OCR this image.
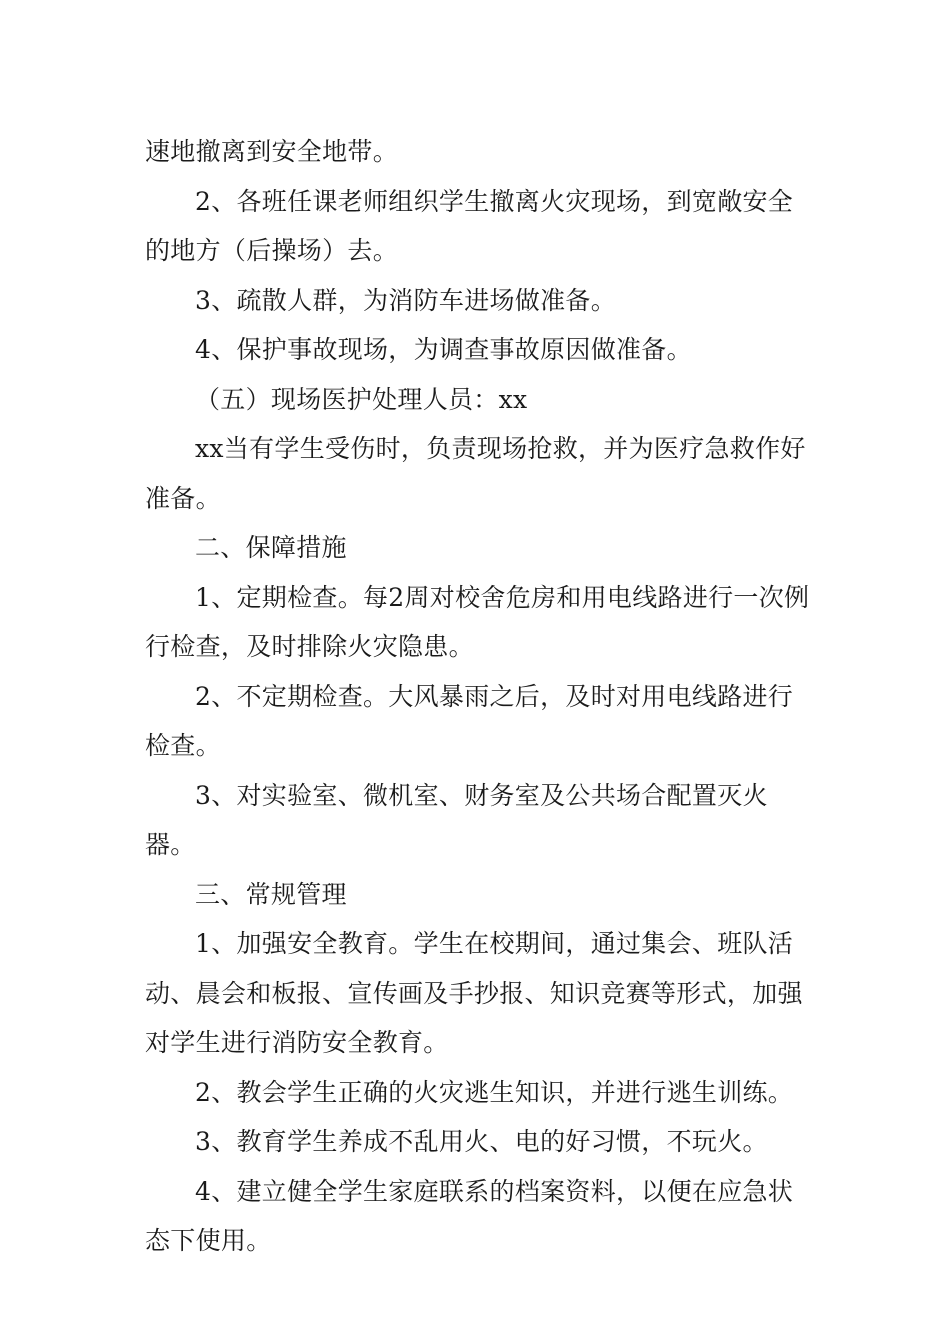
速地撤离到安全地带。

2、各班任课老师组织学生撤离火灾现场，到宽敞安全的地方（后操场）去。

3、疏散人群，为消防车进场做准备。

4、保护事故现场，为调查事故原因做准备。

（五）现场医护处理人员：xx

xx当有学生受伤时，负责现场抢救，并为医疗急救作好准备。

二、保障措施

1、定期检查。每2周对校舍危房和用电线路进行一次例行检查，及时排除火灾隐患。

2、不定期检查。大风暴雨之后，及时对用电线路进行检查。

3、对实验室、微机室、财务室及公共场合配置灭火器。

三、常规管理

1、加强安全教育。学生在校期间，通过集会、班队活动、晨会和板报、宣传画及手抄报、知识竞赛等形式，加强对学生进行消防安全教育。

2、教会学生正确的火灾逃生知识，并进行逃生训练。

3、教育学生养成不乱用火、电的好习惯，不玩火。

4、建立健全学生家庭联系的档案资料，以便在应急状态下使用。
